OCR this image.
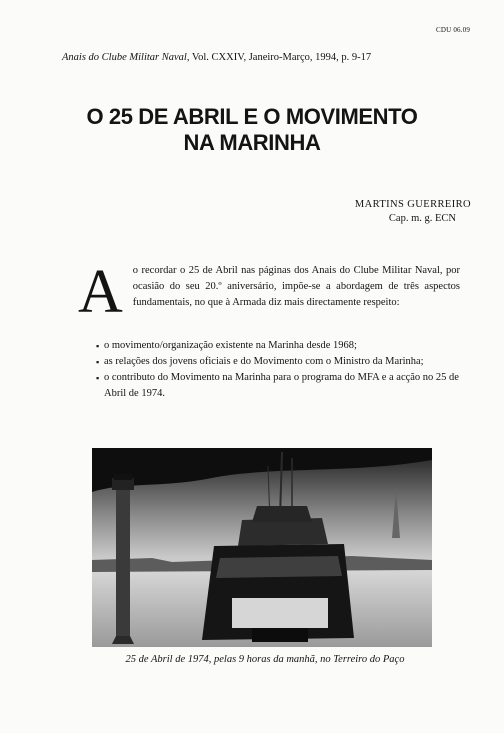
CDU 06.09
Anais do Clube Militar Naval, Vol. CXXIV, Janeiro-Março, 1994, p. 9-17
O 25 DE ABRIL E O MOVIMENTO
NA MARINHA
MARTINS GUERREIRO
Cap. m. g. ECN
A o recordar o 25 de Abril nas páginas dos Anais do Clube Militar Naval, por ocasião do seu 20.º aniversário, impõe-se a abordagem de três aspectos fundamentais, no que à Armada diz mais directamente respeito:
▪ o movimento/organização existente na Marinha desde 1968;
▪ as relações dos jovens oficiais e do Movimento com o Ministro da Marinha;
▪ o contributo do Movimento na Marinha para o programa do MFA e a acção no 25 de Abril de 1974.
25 de Abril de 1974, pelas 9 horas da manhã, no Terreiro do Paço
